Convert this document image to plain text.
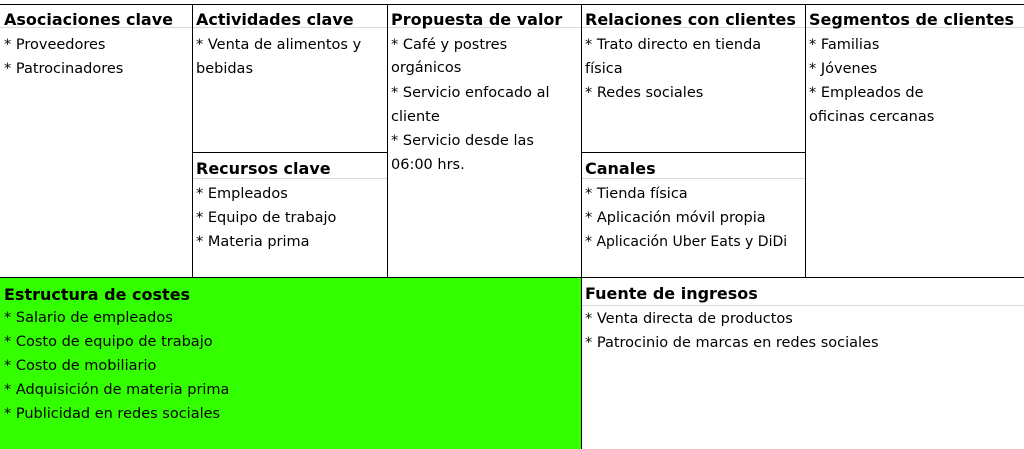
Estructura de costes
* Salario de empleados
* Costo de equipo de trabajo
* Costo de mobiliario
* Adquisición de materia prima
* Publicidad en redes sociales
Asociaciones clave
* Proveedores
* Patrocinadores
Actividades clave
* Venta de alimentos y
bebidas
Recursos clave
* Empleados
* Equipo de trabajo
* Materia prima
Propuesta de valor
* Café y postres
orgánicos
* Servicio enfocado al
cliente
* Servicio desde las
06:00 hrs.
Relaciones con clientes
* Trato directo en tienda
física
* Redes sociales
Canales
* Tienda física
* Aplicación móvil propia
* Aplicación Uber Eats y DiDi
Segmentos de clientes
* Familias
* Jóvenes
* Empleados de
oficinas cercanas
Fuente de ingresos
* Venta directa de productos
* Patrocinio de marcas en redes sociales
